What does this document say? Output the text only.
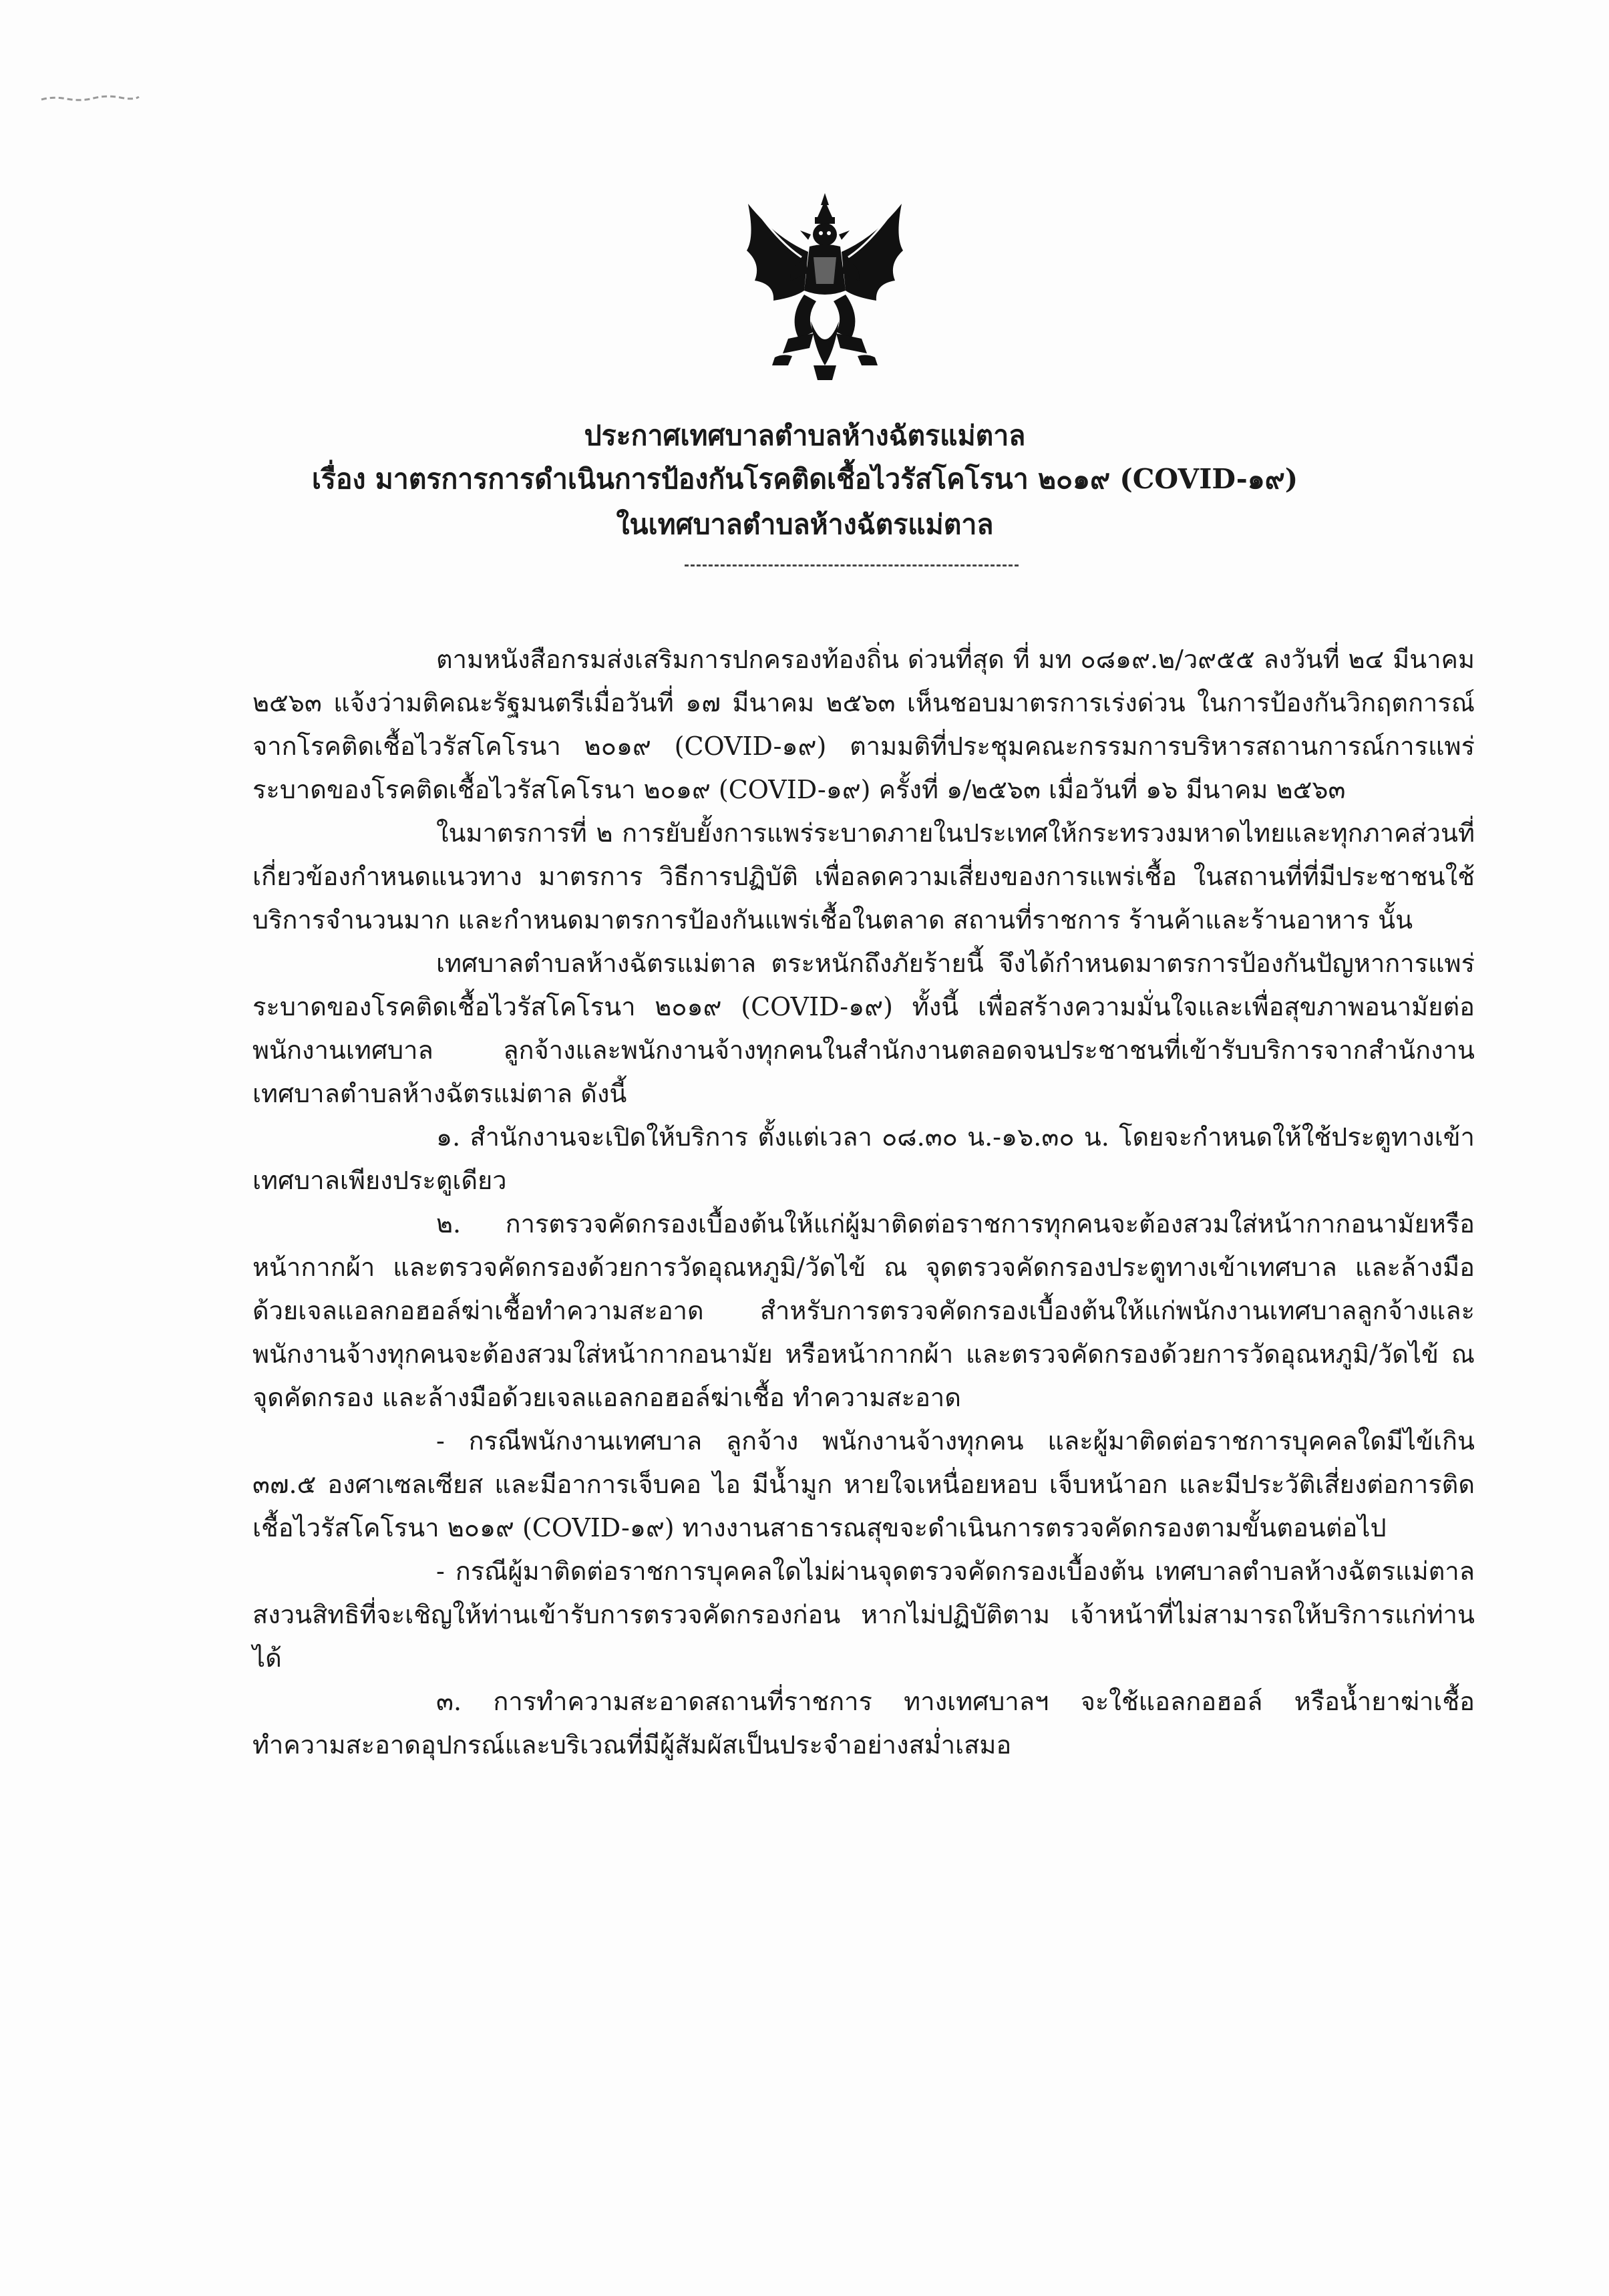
ประกาศเทศบาลตำบลห้างฉัตรแม่ตาล
เรื่อง มาตรการการดำเนินการป้องกันโรคติดเชื้อไวรัสโคโรนา ๒๐๑๙ (COVID-๑๙)
ในเทศบาลตำบลห้างฉัตรแม่ตาล

ตามหนังสือกรมส่งเสริมการปกครองท้องถิ่น ด่วนที่สุด ที่ มท ๐๘๑๙.๒/ว๙๕๕ ลงวันที่ ๒๔ มีนาคม ๒๕๖๓ แจ้งว่ามติคณะรัฐมนตรีเมื่อวันที่ ๑๗ มีนาคม ๒๕๖๓ เห็นชอบมาตรการเร่งด่วน ในการป้องกันวิกฤตการณ์จากโรคติดเชื้อไวรัสโคโรนา ๒๐๑๙ (COVID-๑๙) ตามมติที่ประชุมคณะกรรมการบริหารสถานการณ์การแพร่ระบาดของโรคติดเชื้อไวรัสโคโรนา ๒๐๑๙ (COVID-๑๙) ครั้งที่ ๑/๒๕๖๓ เมื่อวันที่ ๑๖ มีนาคม ๒๕๖๓

ในมาตรการที่ ๒ การยับยั้งการแพร่ระบาดภายในประเทศให้กระทรวงมหาดไทยและทุกภาคส่วนที่เกี่ยวข้องกำหนดแนวทาง มาตรการ วิธีการปฏิบัติ เพื่อลดความเสี่ยงของการแพร่เชื้อ ในสถานที่ที่มีประชาชนใช้บริการจำนวนมาก และกำหนดมาตรการป้องกันแพร่เชื้อในตลาด สถานที่ราชการ ร้านค้าและร้านอาหาร นั้น

เทศบาลตำบลห้างฉัตรแม่ตาล ตระหนักถึงภัยร้ายนี้ จึงได้กำหนดมาตรการป้องกันปัญหาการแพร่ระบาดของโรคติดเชื้อไวรัสโคโรนา ๒๐๑๙ (COVID-๑๙) ทั้งนี้ เพื่อสร้างความมั่นใจและเพื่อสุขภาพอนามัยต่อพนักงานเทศบาล ลูกจ้างและพนักงานจ้างทุกคนในสำนักงานตลอดจนประชาชนที่เข้ารับบริการจากสำนักงานเทศบาลตำบลห้างฉัตรแม่ตาล ดังนี้

๑. สำนักงานจะเปิดให้บริการ ตั้งแต่เวลา ๐๘.๓๐ น.-๑๖.๓๐ น. โดยจะกำหนดให้ใช้ประตูทางเข้าเทศบาลเพียงประตูเดียว

๒. การตรวจคัดกรองเบื้องต้นให้แก่ผู้มาติดต่อราชการทุกคนจะต้องสวมใส่หน้ากากอนามัยหรือหน้ากากผ้า และตรวจคัดกรองด้วยการวัดอุณหภูมิ/วัดไข้ ณ จุดตรวจคัดกรองประตูทางเข้าเทศบาล และล้างมือด้วยเจลแอลกอฮอล์ฆ่าเชื้อทำความสะอาด สำหรับการตรวจคัดกรองเบื้องต้นให้แก่พนักงานเทศบาลลูกจ้างและพนักงานจ้างทุกคนจะต้องสวมใส่หน้ากากอนามัย หรือหน้ากากผ้า และตรวจคัดกรองด้วยการวัดอุณหภูมิ/วัดไข้ ณ จุดคัดกรอง และล้างมือด้วยเจลแอลกอฮอล์ฆ่าเชื้อ ทำความสะอาด

- กรณีพนักงานเทศบาล ลูกจ้าง พนักงานจ้างทุกคน และผู้มาติดต่อราชการบุคคลใดมีไข้เกิน ๓๗.๕ องศาเซลเซียส และมีอาการเจ็บคอ ไอ มีน้ำมูก หายใจเหนื่อยหอบ เจ็บหน้าอก และมีประวัติเสี่ยงต่อการติดเชื้อไวรัสโคโรนา ๒๐๑๙ (COVID-๑๙) ทางงานสาธารณสุขจะดำเนินการตรวจคัดกรองตามขั้นตอนต่อไป

- กรณีผู้มาติดต่อราชการบุคคลใดไม่ผ่านจุดตรวจคัดกรองเบื้องต้น เทศบาลตำบลห้างฉัตรแม่ตาล สงวนสิทธิที่จะเชิญให้ท่านเข้ารับการตรวจคัดกรองก่อน หากไม่ปฏิบัติตาม เจ้าหน้าที่ไม่สามารถให้บริการแก่ท่านได้

๓. การทำความสะอาดสถานที่ราชการ ทางเทศบาลฯ จะใช้แอลกอฮอล์ หรือน้ำยาฆ่าเชื้อ ทำความสะอาดอุปกรณ์และบริเวณที่มีผู้สัมผัสเป็นประจำอย่างสม่ำเสมอ
